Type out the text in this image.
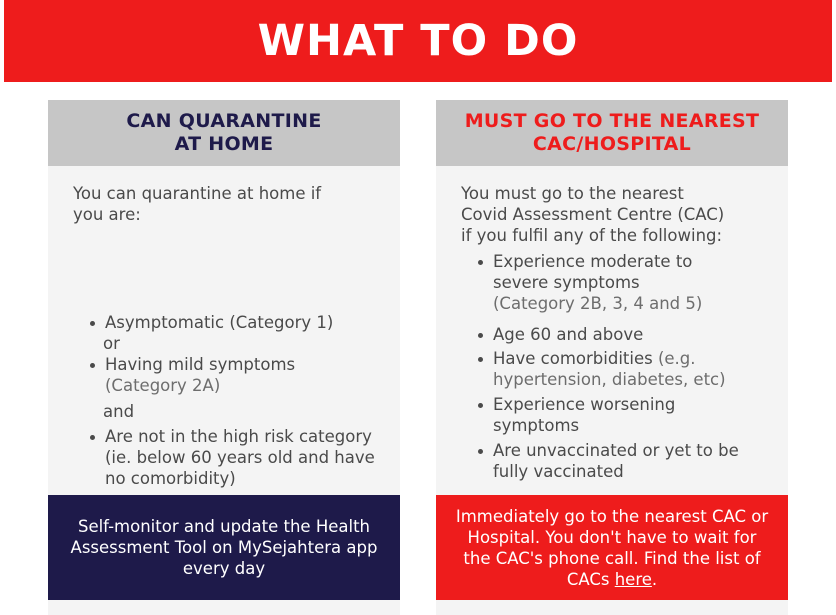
WHAT TO DO
CAN QUARANTINE
AT HOME
You can quarantine at home if
you are:
Asymptomatic (Category 1)
or
Having mild symptoms
(Category 2A)
and
Are not in the high risk category (ie. below 60 years old and have no comorbidity)
Self-monitor and update the Health Assessment Tool on MySejahtera app every day
MUST GO TO THE NEAREST
CAC/HOSPITAL
You must go to the nearest
Covid Assessment Centre (CAC)
if you fulfil any of the following:
Experience moderate to severe symptoms
(Category 2B, 3, 4 and 5)
Age 60 and above
Have comorbidities (e.g. hypertension, diabetes, etc)
Experience worsening symptoms
Are unvaccinated or yet to be fully vaccinated
Immediately go to the nearest CAC or Hospital. You don't have to wait for the CAC's phone call. Find the list of CACs here.
